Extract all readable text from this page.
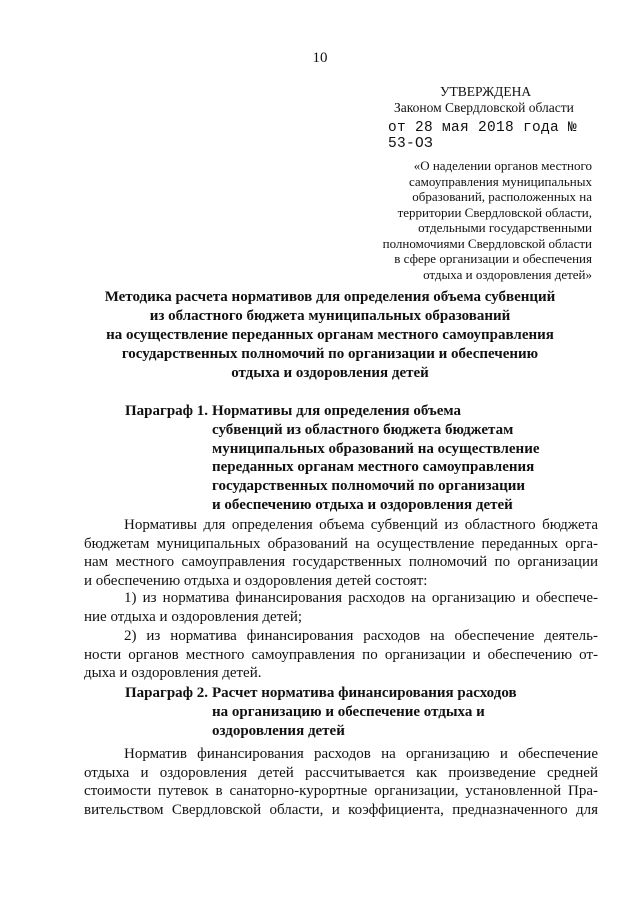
10
УТВЕРЖДЕНА
Законом Свердловской области
от 28 мая 2018 года № 53-ОЗ
«О наделении органов местного
самоуправления муниципальных
образований, расположенных на
территории Свердловской области,
отдельными государственными
полномочиями Свердловской области
в сфере организации и обеспечения
отдыха и оздоровления детей»
Методика расчета нормативов для определения объема субвенций
из областного бюджета муниципальных образований
на осуществление переданных органам местного самоуправления
государственных полномочий по организации и обеспечению
отдыха и оздоровления детей
Параграф 1. Нормативы для определения объема
субвенций из областного бюджета бюджетам
муниципальных образований на осуществление
переданных органам местного самоуправления
государственных полномочий по организации
и обеспечению отдыха и оздоровления детей
Нормативы для определения объема субвенций из областного бюджета
бюджетам муниципальных образований на осуществление переданных орга-
нам местного самоуправления государственных полномочий по организации
и обеспечению отдыха и оздоровления детей состоят:
1) из норматива финансирования расходов на организацию и обеспече-
ние отдыха и оздоровления детей;
2) из норматива финансирования расходов на обеспечение деятель-
ности органов местного самоуправления по организации и обеспечению от-
дыха и оздоровления детей.
Параграф 2. Расчет норматива финансирования расходов
на организацию и обеспечение отдыха и
оздоровления детей
Норматив финансирования расходов на организацию и обеспечение
отдыха и оздоровления детей рассчитывается как произведение средней
стоимости путевок в санаторно-курортные организации, установленной Пра-
вительством Свердловской области, и коэффициента, предназначенного для
